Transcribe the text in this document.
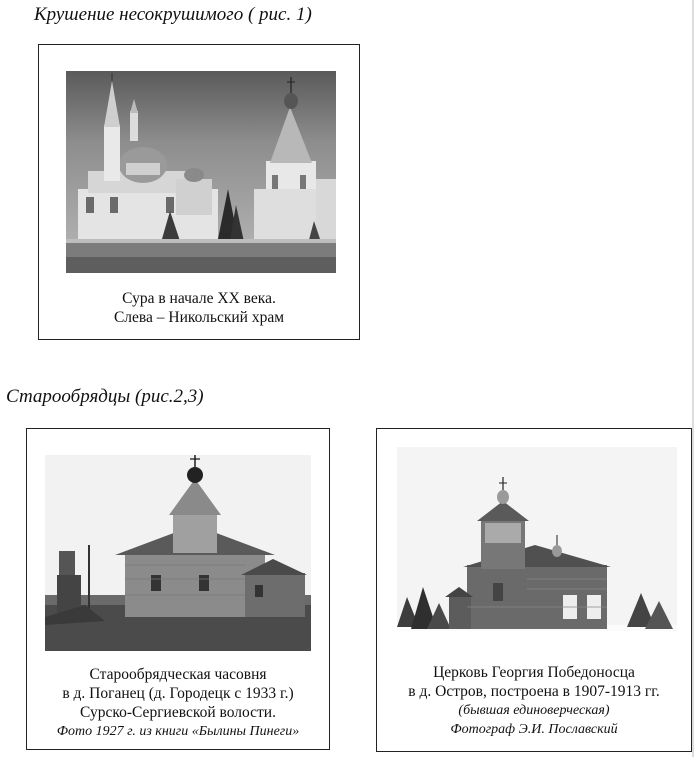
Крушение несокрушимого ( рис. 1)
Сура в начале XX века.
Слева – Никольский храм
Старообрядцы (рис.2,3)
Старообрядческая часовня
в д. Поганец (д. Городецк с 1933 г.)
Сурско-Сергиевской волости.
Фото 1927 г. из книги «Былины Пинеги»
Церковь Георгия Победоносца
в д. Остров, построена в 1907-1913 гг.
(бывшая единоверческая)
Фотограф Э.И. Пославский
